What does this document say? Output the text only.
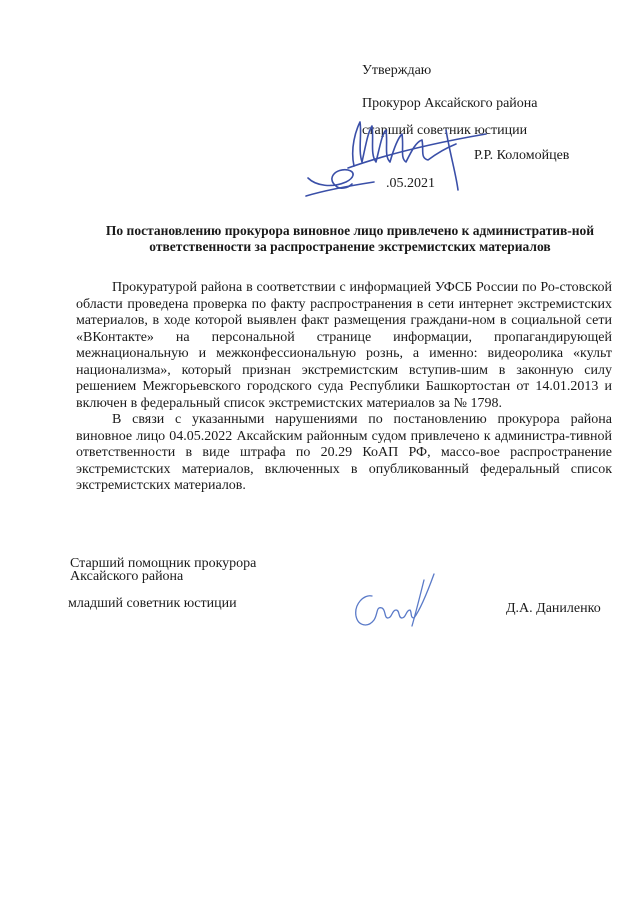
Утверждаю
Прокурор Аксайского района
старший советник юстиции
Р.Р. Коломойцев
.05.2021
По постановлению прокурора виновное лицо привлечено к административ-ной ответственности за распространение экстремистских материалов

Прокуратурой района в соответствии с информацией УФСБ России по Ро-стовской области проведена проверка по факту распространения в сети интернет экстремистских материалов, в ходе которой выявлен факт размещения граждани-ном в социальной сети «ВКонтакте» на персональной странице информации, пропагандирующей межнациональную и межконфессиональную рознь, а именно: видеоролика «культ национализма», который признан экстремистским вступив-шим в законную силу решением Межгорьевского городского суда Республики Башкортостан от 14.01.2013 и включен в федеральный список экстремистских материалов за № 1798.

В связи с указанными нарушениями по постановлению прокурора района виновное лицо 04.05.2022 Аксайским районным судом привлечено к администра-тивной ответственности в виде штрафа по 20.29 КоАП РФ, массо-вое распространение экстремистских материалов, включенных в опубликованный федеральный список экстремистских материалов.

Старший помощник прокурора
Аксайского района
младший советник юстиции	Д.А. Даниленко
